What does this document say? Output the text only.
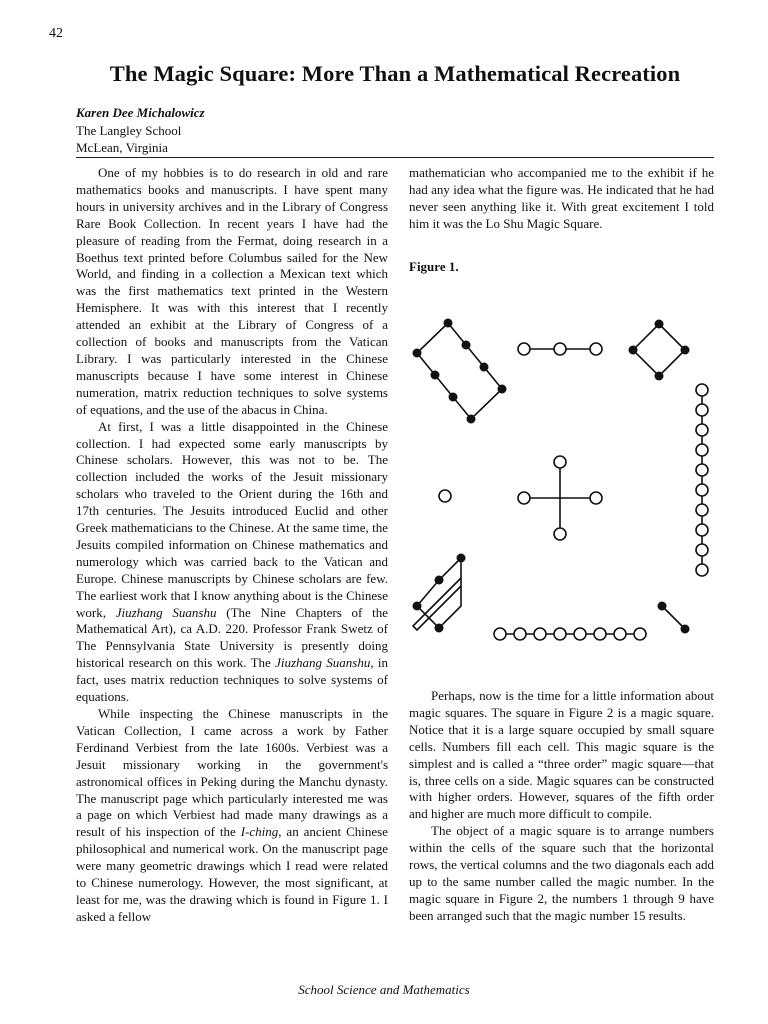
42
The Magic Square: More Than a Mathematical Recreation
Karen Dee Michalowicz
The Langley School
McLean, Virginia

One of my hobbies is to do research in old and rare mathematics books and manuscripts. I have spent many hours in university archives and in the Library of Congress Rare Book Collection. In recent years I have had the pleasure of reading from the Fermat, doing research in a Boethus text printed before Columbus sailed for the New World, and finding in a collection a Mexican text which was the first mathematics text printed in the Western Hemisphere. It was with this interest that I recently attended an exhibit at the Library of Congress of a collection of books and manuscripts from the Vatican Library. I was particularly interested in the Chinese manuscripts because I have some interest in Chinese numeration, matrix reduction techniques to solve systems of equations, and the use of the abacus in China.

At first, I was a little disappointed in the Chinese collection. I had expected some early manuscripts by Chinese scholars. However, this was not to be. The collection included the works of the Jesuit missionary scholars who traveled to the Orient during the 16th and 17th centuries. The Jesuits introduced Euclid and other Greek mathematicians to the Chinese. At the same time, the Jesuits compiled information on Chinese mathematics and numerology which was carried back to the Vatican and Europe. Chinese manuscripts by Chinese scholars are few. The earliest work that I know anything about is the Chinese work, Jiuzhang Suanshu (The Nine Chapters of the Mathematical Art), ca A.D. 220. Professor Frank Swetz of The Pennsylvania State University is presently doing historical research on this work. The Jiuzhang Suanshu, in fact, uses matrix reduction techniques to solve systems of equations.

While inspecting the Chinese manuscripts in the Vatican Collection, I came across a work by Father Ferdinand Verbiest from the late 1600s. Verbiest was a Jesuit missionary working in the government's astronomical offices in Peking during the Manchu dynasty. The manuscript page which particularly interested me was a page on which Verbiest had made many drawings as a result of his inspection of the I-ching, an ancient Chinese philosophical and numerical work. On the manuscript page were many geometric drawings which I read were related to Chinese numerology. However, the most significant, at least for me, was the drawing which is found in Figure 1. I asked a fellow

mathematician who accompanied me to the exhibit if he had any idea what the figure was. He indicated that he had never seen anything like it. With great excitement I told him it was the Lo Shu Magic Square.

Figure 1.

Perhaps, now is the time for a little information about magic squares. The square in Figure 2 is a magic square. Notice that it is a large square occupied by small square cells. Numbers fill each cell. This magic square is the simplest and is called a “three order” magic square—that is, three cells on a side. Magic squares can be constructed with higher orders. However, squares of the fifth order and higher are much more difficult to compile.

The object of a magic square is to arrange numbers within the cells of the square such that the horizontal rows, the vertical columns and the two diagonals each add up to the same number called the magic number. In the magic square in Figure 2, the numbers 1 through 9 have been arranged such that the magic number 15 results.

School Science and Mathematics
